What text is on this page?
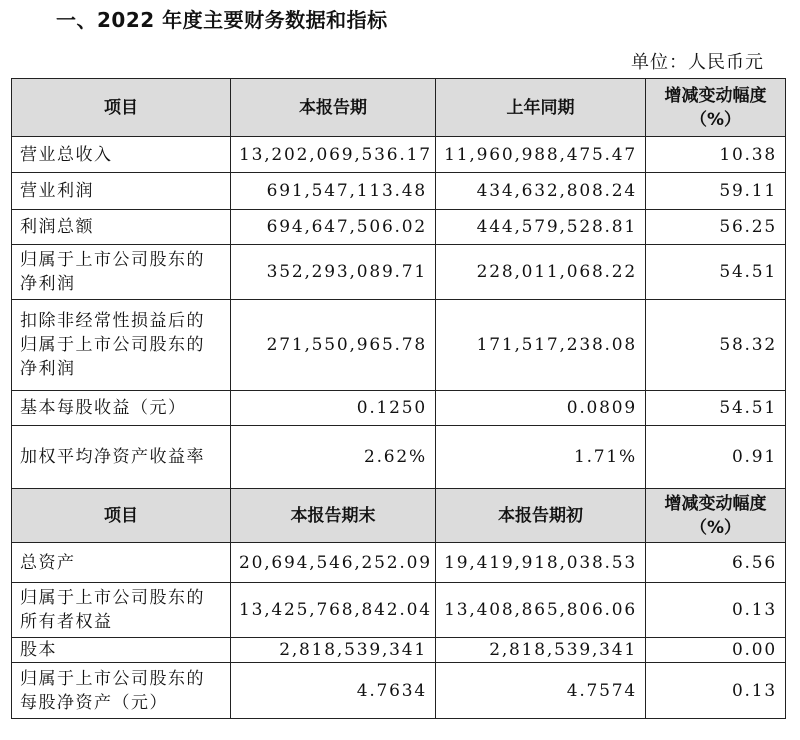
一、2022 年度主要财务数据和指标
单位：人民币元
项目	本报告期	上年同期	增减变动幅度
（%）

营业总收入	13,202,069,536.17	11,960,988,475.47	10.38
营业利润	691,547,113.48	434,632,808.24	59.11
利润总额	694,647,506.02	444,579,528.81	56.25
归属于上市公司股东的净利润	352,293,089.71	228,011,068.22	54.51
扣除非经常性损益后的归属于上市公司股东的净利润	271,550,965.78	171,517,238.08	58.32
基本每股收益（元）	0.1250	0.0809	54.51
加权平均净资产收益率	2.62%	1.71%	0.91
项目	本报告期末	本报告期初	增减变动幅度
（%）

总资产	20,694,546,252.09	19,419,918,038.53	6.56
归属于上市公司股东的所有者权益	13,425,768,842.04	13,408,865,806.06	0.13
股本	2,818,539,341	2,818,539,341	0.00
归属于上市公司股东的每股净资产（元）	4.7634	4.7574	0.13
